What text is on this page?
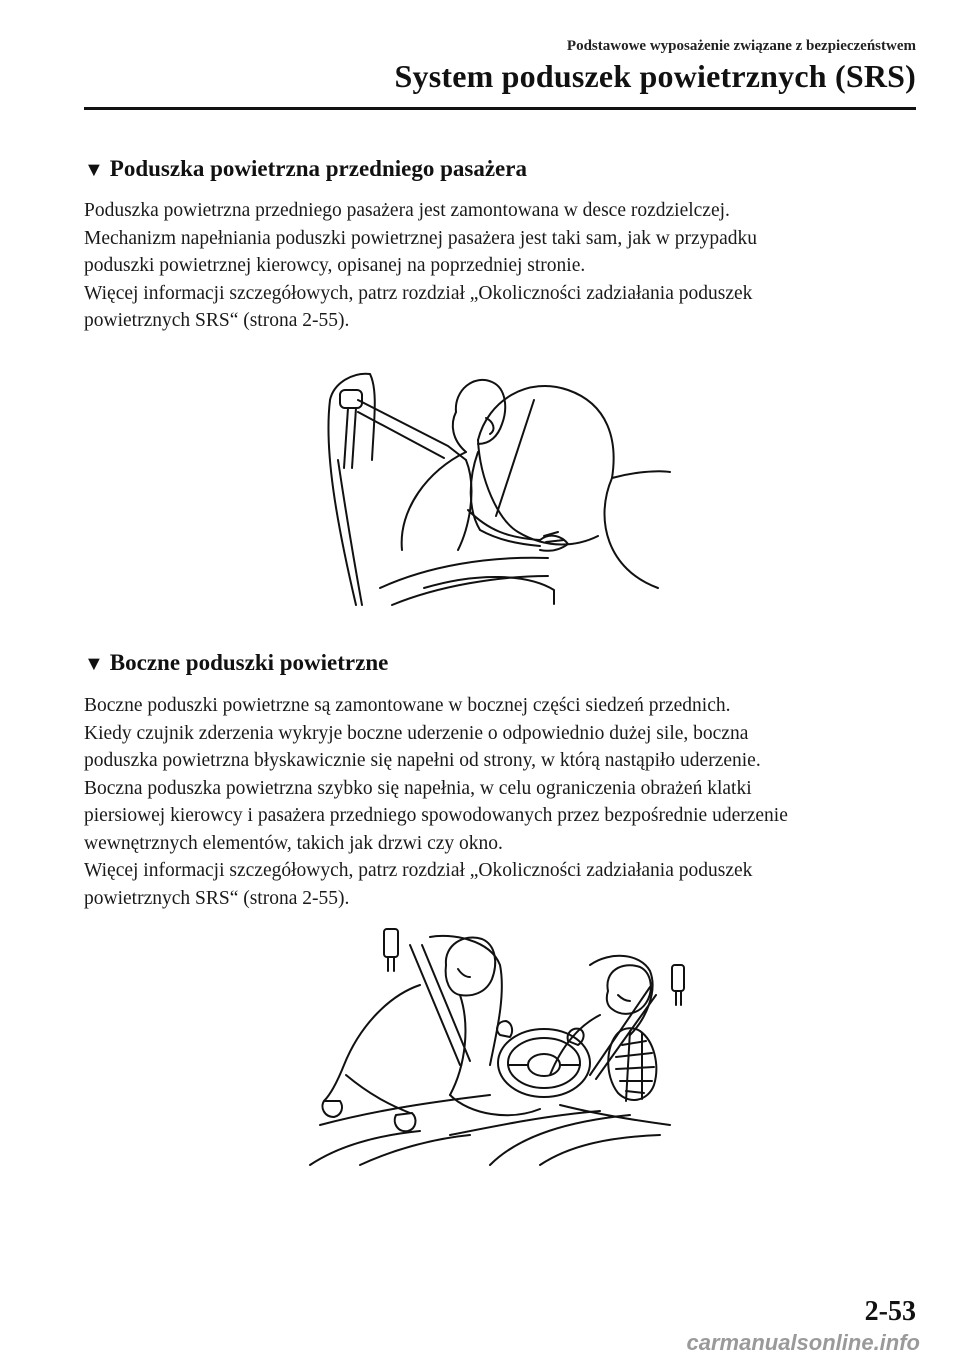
Podstawowe wyposażenie związane z bezpieczeństwem
System poduszek powietrznych (SRS)
▼ Poduszka powietrzna przedniego pasażera

Poduszka powietrzna przedniego pasażera jest zamontowana w desce rozdzielczej.

Mechanizm napełniania poduszki powietrznej pasażera jest taki sam, jak w przypadku

poduszki powietrznej kierowcy, opisanej na poprzedniej stronie.

Więcej informacji szczegółowych, patrz rozdział „Okoliczności zadziałania poduszek

powietrznych SRS“ (strona 2-55).

▼ Boczne poduszki powietrzne

Boczne poduszki powietrzne są zamontowane w bocznej części siedzeń przednich.

Kiedy czujnik zderzenia wykryje boczne uderzenie o odpowiednio dużej sile, boczna

poduszka powietrzna błyskawicznie się napełni od strony, w którą nastąpiło uderzenie.

Boczna poduszka powietrzna szybko się napełnia, w celu ograniczenia obrażeń klatki

piersiowej kierowcy i pasażera przedniego spowodowanych przez bezpośrednie uderzenie

wewnętrznych elementów, takich jak drzwi czy okno.

Więcej informacji szczegółowych, patrz rozdział „Okoliczności zadziałania poduszek

powietrznych SRS“ (strona 2-55).

2-53
carmanualsonline.info
